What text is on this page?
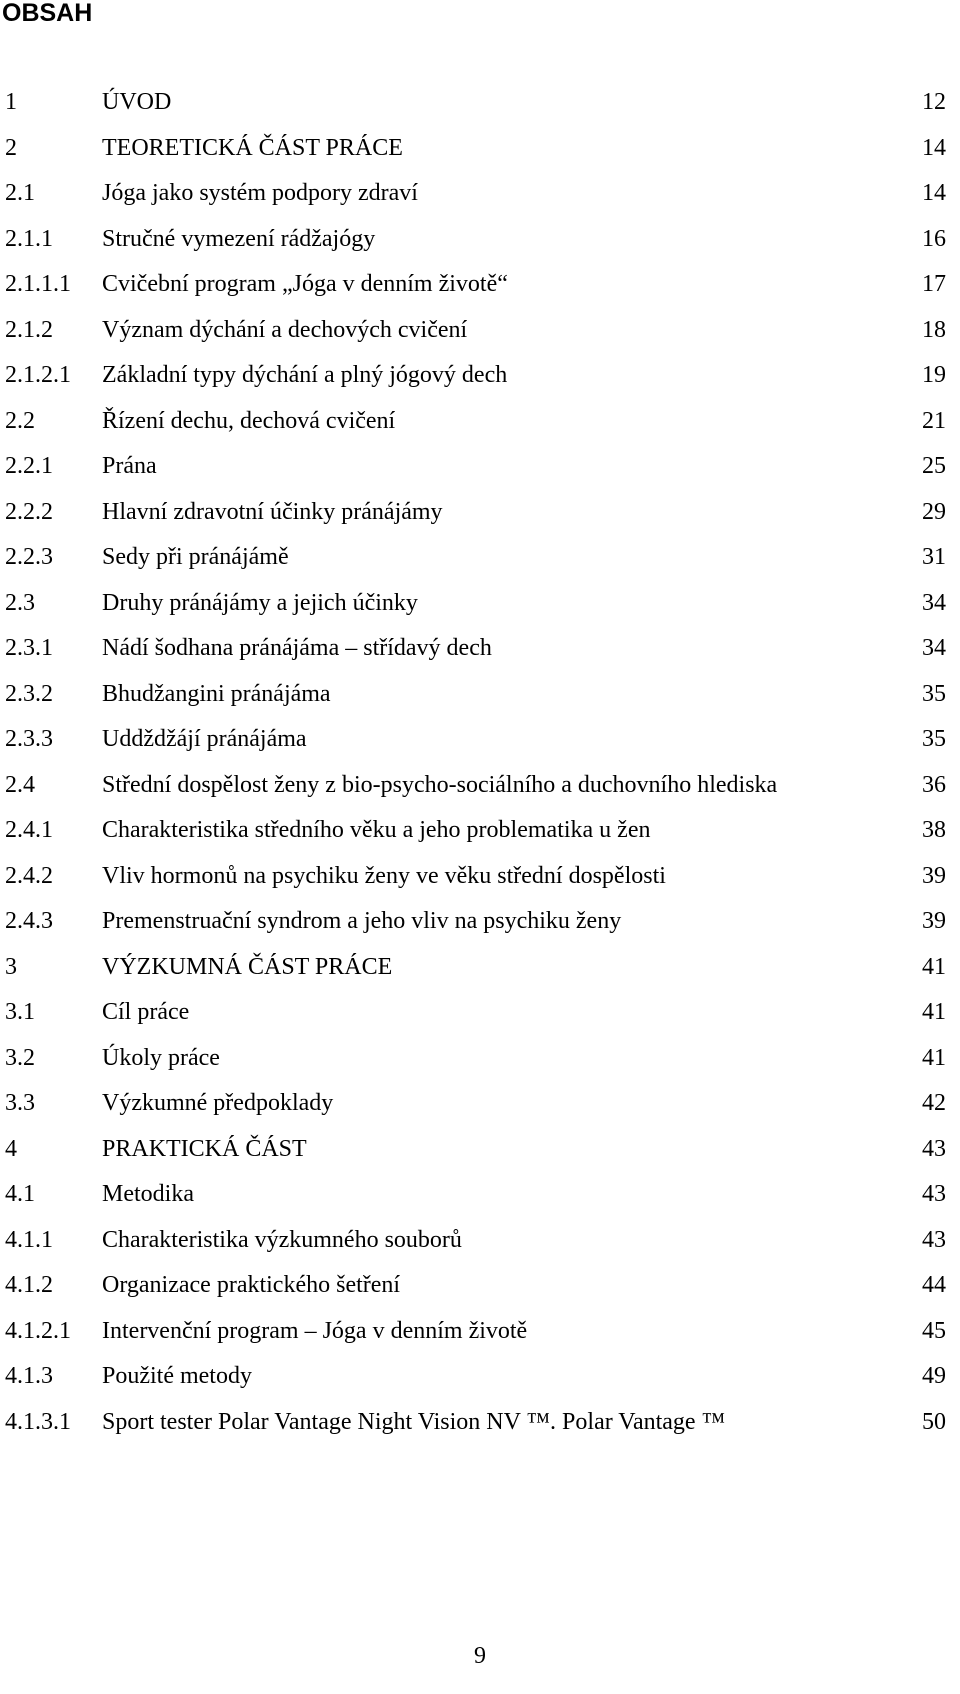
OBSAH
1	ÚVOD	12
2	TEORETICKÁ ČÁST PRÁCE	14
2.1	Jóga jako systém podpory zdraví	14
2.1.1 Stručné vymezení rádžajógy	16
2.1.1.1 Cvičební program „Jóga v denním životě“	17
2.1.2 Význam dýchání a dechových cvičení	18
2.1.2.1 Základní typy dýchání a plný jógový dech	19
2.2	Řízení dechu, dechová cvičení	21
2.2.1 Prána	25
2.2.2 Hlavní zdravotní účinky pránájámy	29
2.2.3 Sedy při pránájámě	31
2.3	Druhy pránájámy a jejich účinky	34
2.3.1 Nádí šodhana pránájáma – střídavý dech	34
2.3.2 Bhudžangini pránájáma	35
2.3.3 Uddždžájí pránájáma	35
2.4	Střední dospělost ženy z bio-psycho-sociálního a duchovního hlediska	36
2.4.1 Charakteristika středního věku a jeho problematika u žen	38
2.4.2 Vliv hormonů na psychiku ženy ve věku střední dospělosti	39
2.4.3 Premenstruační syndrom a jeho vliv na psychiku ženy	39
3	VÝZKUMNÁ ČÁST PRÁCE	41
3.1	Cíl práce	41
3.2	Úkoly práce	41
3.3	Výzkumné předpoklady	42
4	PRAKTICKÁ ČÁST	43
4.1	Metodika	43
4.1.1 Charakteristika výzkumného souborů	43
4.1.2 Organizace praktického šetření	44
4.1.2.1 Intervenční program – Jóga v denním životě	45
4.1.3 Použité metody	49
4.1.3.1 Sport tester Polar Vantage Night Vision NV ™. Polar Vantage ™	50
9
